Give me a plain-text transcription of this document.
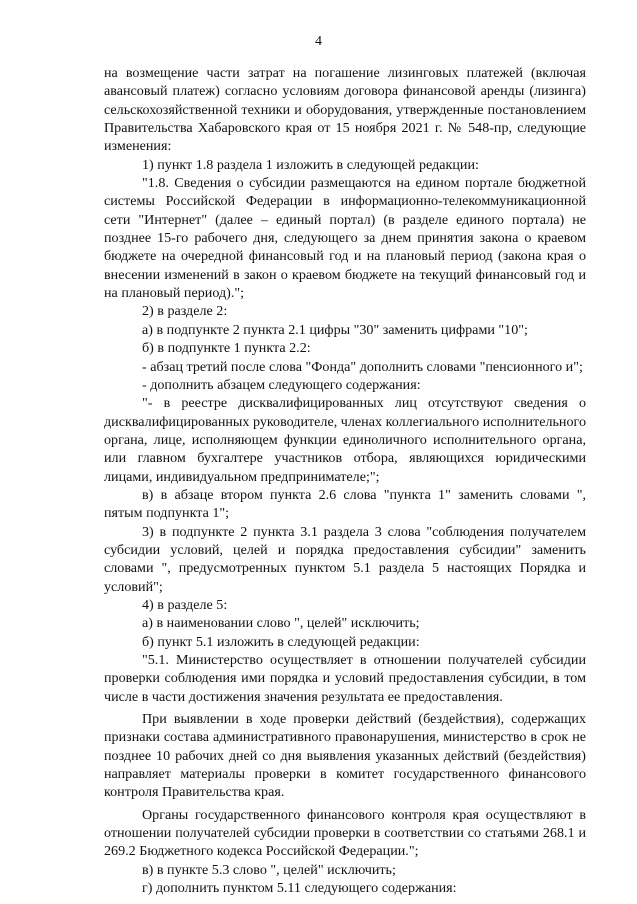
4

на возмещение части затрат на погашение лизинговых платежей (включая авансовый платеж) согласно условиям договора финансовой аренды (лизинга) сельскохозяйственной техники и оборудования, утвержденные постановлением Правительства Хабаровского края от 15 ноября 2021 г. № 548-пр, следующие изменения:

1) пункт 1.8 раздела 1 изложить в следующей редакции:

"1.8. Сведения о субсидии размещаются на едином портале бюджетной системы Российской Федерации в информационно-телекоммуникационной сети "Интернет" (далее – единый портал) (в разделе единого портала) не позднее 15-го рабочего дня, следующего за днем принятия закона о краевом бюджете на очередной финансовый год и на плановый период (закона края о внесении изменений в закон о краевом бюджете на текущий финансовый год и на плановый период).";

2) в разделе 2:

а) в подпункте 2 пункта 2.1 цифры "30" заменить цифрами "10";

б) в подпункте 1 пункта 2.2:

- абзац третий после слова "Фонда" дополнить словами "пенсионного и";

- дополнить абзацем следующего содержания:

"- в реестре дисквалифицированных лиц отсутствуют сведения о дисквалифицированных руководителе, членах коллегиального исполнительного органа, лице, исполняющем функции единоличного исполнительного органа, или главном бухгалтере участников отбора, являющихся юридическими лицами, индивидуальном предпринимателе;";

в) в абзаце втором пункта 2.6 слова "пункта 1" заменить словами ", пятым подпункта 1";

3) в подпункте 2 пункта 3.1 раздела 3 слова "соблюдения получателем субсидии условий, целей и порядка предоставления субсидии" заменить словами ", предусмотренных пунктом 5.1 раздела 5 настоящих Порядка и условий";

4) в разделе 5:

а) в наименовании слово ", целей" исключить;

б) пункт 5.1 изложить в следующей редакции:

"5.1. Министерство осуществляет в отношении получателей субсидии проверки соблюдения ими порядка и условий предоставления субсидии, в том числе в части достижения значения результата ее предоставления.

При выявлении в ходе проверки действий (бездействия), содержащих признаки состава административного правонарушения, министерство в срок не позднее 10 рабочих дней со дня выявления указанных действий (бездействия) направляет материалы проверки в комитет государственного финансового контроля Правительства края.

Органы государственного финансового контроля края осуществляют в отношении получателей субсидии проверки в соответствии со статьями 268.1 и 269.2 Бюджетного кодекса Российской Федерации.";

в) в пункте 5.3 слово ", целей" исключить;

г) дополнить пунктом 5.11 следующего содержания:
